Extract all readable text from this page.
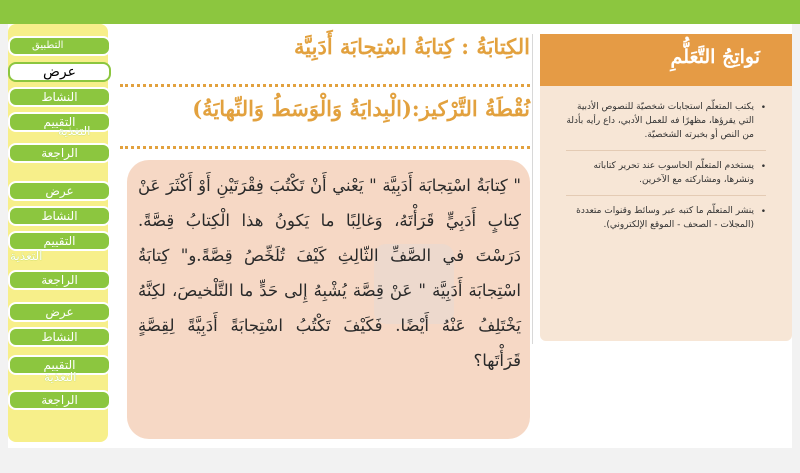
التطبيق
عرض
النشاط
التقييم
الراجعة
عرض
النشاط
التقييم
الراجعة
عرض
النشاط
التقييم
الراجعة
التغذية
التغذية
التغذية
الكِتابَةُ : كِتابَةُ اسْتِجابَة أَدَبِيَّة
نُقْطَةُ التَّرْكيز:(الْبِدايَةُ وَالْوَسَطُ وَالنِّهايَةُ)
" كِتابَةُ اسْتِجابَة أَدَبِيَّة " يَعْني أَنْ تَكْتُبَ فِقْرَتَيْنِ أَوْ أَكْثَرَ عَنْ كِتابٍ أَدَبِيٍّ قَرَأْتَهُ، وَغالِبًا ما يَكونُ هذا الْكِتابُ قِصَّةً. دَرَسْتَ في الصَّفِّ الثّالِثِ كَيْفَ تُلَخِّصُ قِصَّةً.و" كِتابَةُ اسْتِجابَة أَدَبِيَّة " عَنْ قِصَّة يُشْبِهُ إِلى حَدٍّ ما التَّلْخيصَ، لكِنَّهُ يَخْتَلِفُ عَنْهُ أَيْضًا. فَكَيْفَ تَكْتُبُ اسْتِجابَةً أَدَبِيَّةً لِقِصَّةٍ قَرَأْتَها؟
نَواتِجُ التَّعَلُّمِ
•
يكتب المتعلّم استجابات شخصيّة للنصوص الأدبية التي يقرؤها، مظهرًا فه للعمل الأدبي، داع رأيه بأدلة من النص أو بخبرته الشخصيّة.
•
يستخدم المتعلّم الحاسوب عند تحرير كتاباته ونشرها، ومشاركته مع الآخرين.
•
ينشر المتعلّم ما كتبه عبر وسائط وقنوات متعددة (المجلات - الصحف - الموقع الإلكتروني).
